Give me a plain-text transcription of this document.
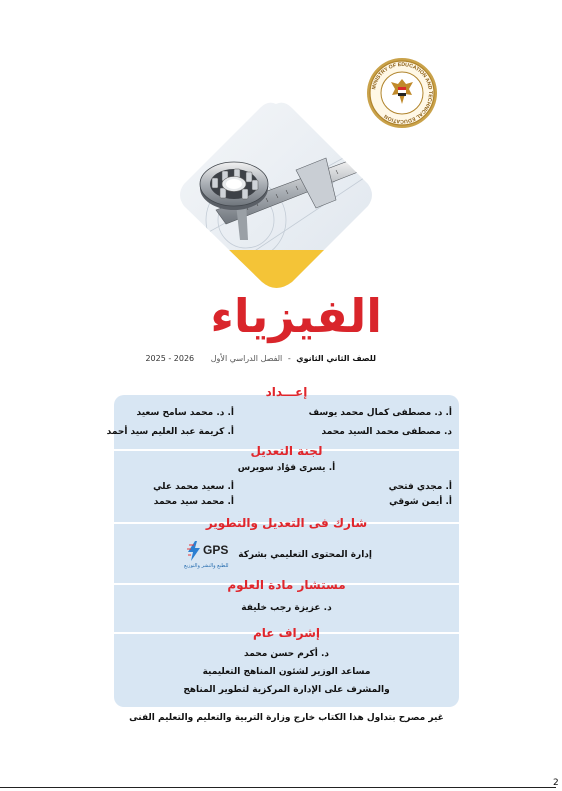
MINISTRY OF EDUCATION AND TECHNICAL EDUCATION
الفيزياء
للصف الثاني الثانوي - الفصل الدراسي الأول 2025 - 2026
إعـــداد
أ. د. مصطفى كمال محمد يوسف
أ. د. محمد سامح سعيد
د. مصطفى محمد السيد محمد
أ. كريمة عبد العليم سيد أحمد
لجنة التعديل
أ. يسرى فؤاد سويرس
أ. مجدي فتحي
أ. سعيد محمد علي
أ. أيمن شوقي
أ. محمد سيد محمد
شارك فى التعديل والتطوير
إدارة المحتوى التعليمي بشركة
GPS
للطبع والنشر والتوزيع
مستشار مادة العلوم
د. عزيزة رجب خليفة
إشراف عام
د. أكرم حسن محمد
مساعد الوزير لشئون المناهج التعليمية
والمشرف على الإدارة المركزية لتطوير المناهج
غير مصرح بتداول هذا الكتاب خارج وزارة التربية والتعليم والتعليم الفنى
2
